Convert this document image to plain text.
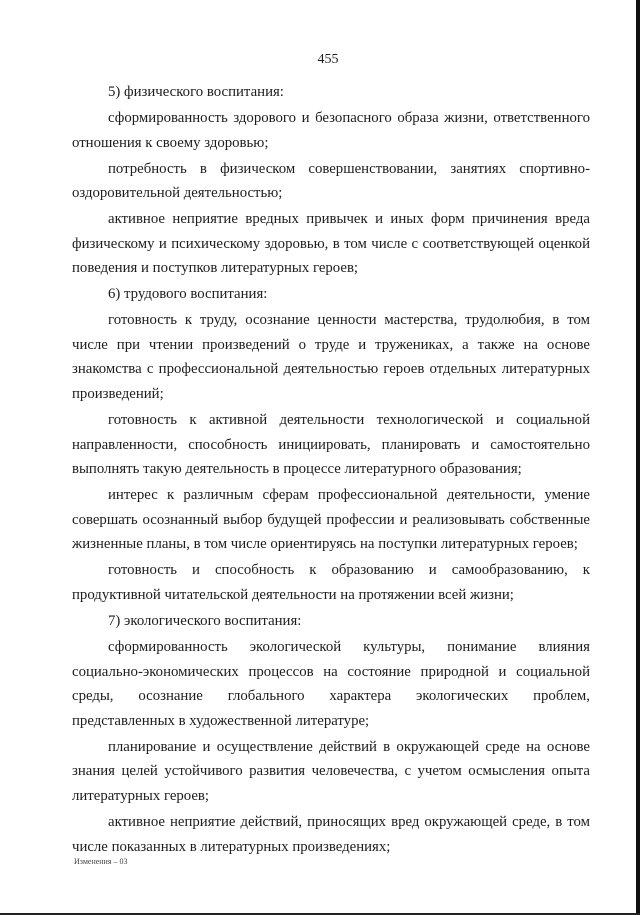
455

5) физического воспитания:

сформированность здорового и безопасного образа жизни, ответственного отношения к своему здоровью;

потребность в физическом совершенствовании, занятиях спортивно-оздоровительной деятельностью;

активное неприятие вредных привычек и иных форм причинения вреда физическому и психическому здоровью, в том числе с соответствующей оценкой поведения и поступков литературных героев;

6) трудового воспитания:

готовность к труду, осознание ценности мастерства, трудолюбия, в том числе при чтении произведений о труде и тружениках, а также на основе знакомства с профессиональной деятельностью героев отдельных литературных произведений;

готовность к активной деятельности технологической и социальной направленности, способность инициировать, планировать и самостоятельно выполнять такую деятельность в процессе литературного образования;

интерес к различным сферам профессиональной деятельности, умение совершать осознанный выбор будущей профессии и реализовывать собственные жизненные планы, в том числе ориентируясь на поступки литературных героев;

готовность и способность к образованию и самообразованию, к продуктивной читательской деятельности на протяжении всей жизни;

7) экологического воспитания:

сформированность экологической культуры, понимание влияния социально-экономических процессов на состояние природной и социальной среды, осознание глобального характера экологических проблем, представленных в художественной литературе;

планирование и осуществление действий в окружающей среде на основе знания целей устойчивого развития человечества, с учетом осмысления опыта литературных героев;

активное неприятие действий, приносящих вред окружающей среде, в том числе показанных в литературных произведениях;

Изменения – 03
